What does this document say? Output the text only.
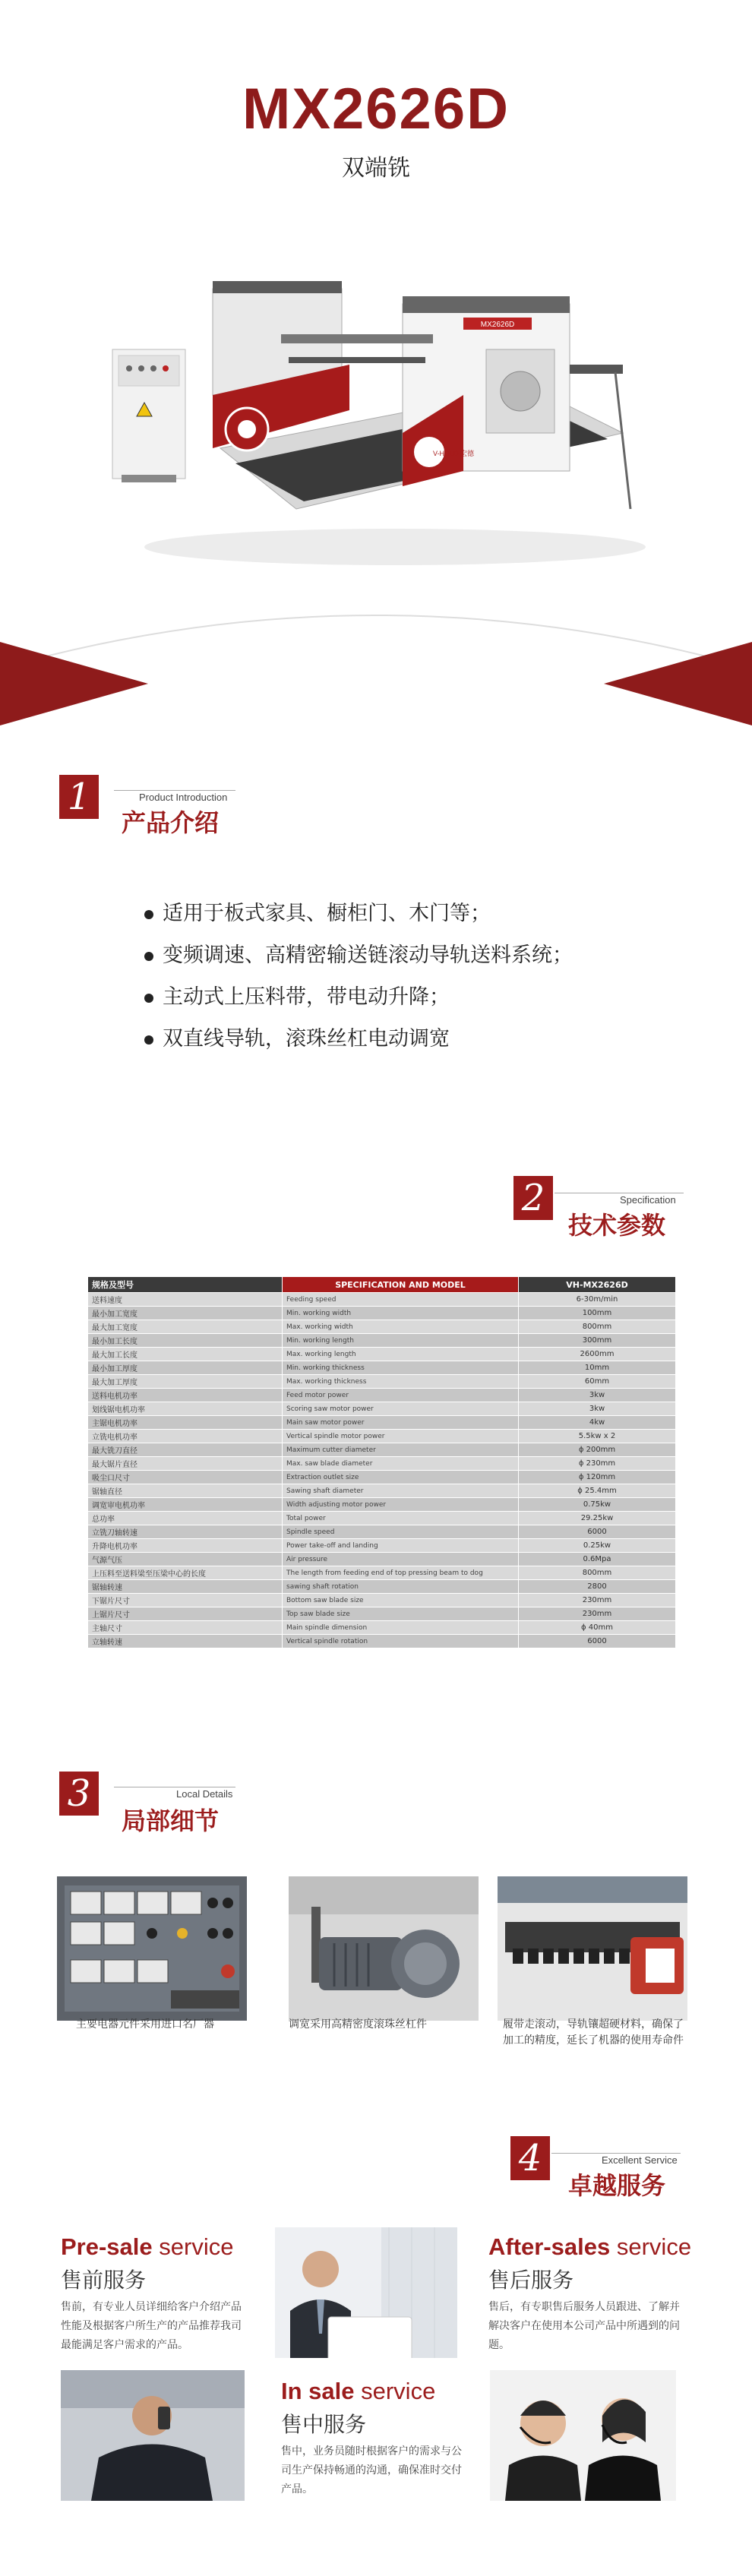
MX2626D
双端铣
MX2626D
V-HOLD 宏德
1	Product Introduction
产品介绍
适用于板式家具、橱柜门、木门等；
变频调速、高精密输送链滚动导轨送料系统；
主动式上压料带，带电动升降；
双直线导轨，滚珠丝杠电动调宽
2	Specification
技术参数
规格及型号	SPECIFICATION AND MODEL	VH-MX2626D
送料速度	Feeding speed	6-30m/min
最小加工宽度	Min. working width	100mm
最大加工宽度	Max. working width	800mm
最小加工长度	Min. working length	300mm
最大加工长度	Max. working length	2600mm
最小加工厚度	Min. working thickness	10mm
最大加工厚度	Max. working thickness	60mm
送料电机功率	Feed motor power	3kw
划线锯电机功率	Scoring saw motor power	3kw
主锯电机功率	Main saw motor power	4kw
立铣电机功率	Vertical spindle motor power	5.5kw x 2
最大铣刀直径	Maximum cutter diameter	ϕ 200mm
最大锯片直径	Max. saw blade diameter	ϕ 230mm
吸尘口尺寸	Extraction outlet size	ϕ 120mm
锯轴直径	Sawing shaft diameter	ϕ 25.4mm
调宽审电机功率	Width adjusting motor power	0.75kw
总功率	Total power	29.25kw
立铣刀轴转速	Spindle speed	6000
升降电机功率	Power take-off and landing	0.25kw
气源气压	Air pressure	0.6Mpa
上压料至送料梁至压梁中心的长度	The length from feeding end of top pressing beam to dog	800mm
锯轴转速	sawing shaft rotation	2800
下锯片尺寸	Bottom saw blade size	230mm
上锯片尺寸	Top saw blade size	230mm
主轴尺寸	Main spindle dimension	ϕ 40mm
立轴转速	Vertical spindle rotation	6000
3	Local Details
局部细节
主要电器元件采用进口名厂器	调宽采用高精密度滚珠丝杠件	履带走滚动，导轨镶超硬材料，确保了加工的精度，延长了机器的使用寿命件
4	Excellent Service
卓越服务
Pre-sale service
售前服务
售前，有专业人员详细给客户介绍产品性能及根据客户所生产的产品推荐我司最能满足客户需求的产品。
After-sales service
售后服务
售后，有专职售后服务人员跟进、了解并解决客户在使用本公司产品中所遇到的问题。
In sale service
售中服务
售中，业务员随时根据客户的需求与公司生产保持畅通的沟通，确保准时交付产品。
